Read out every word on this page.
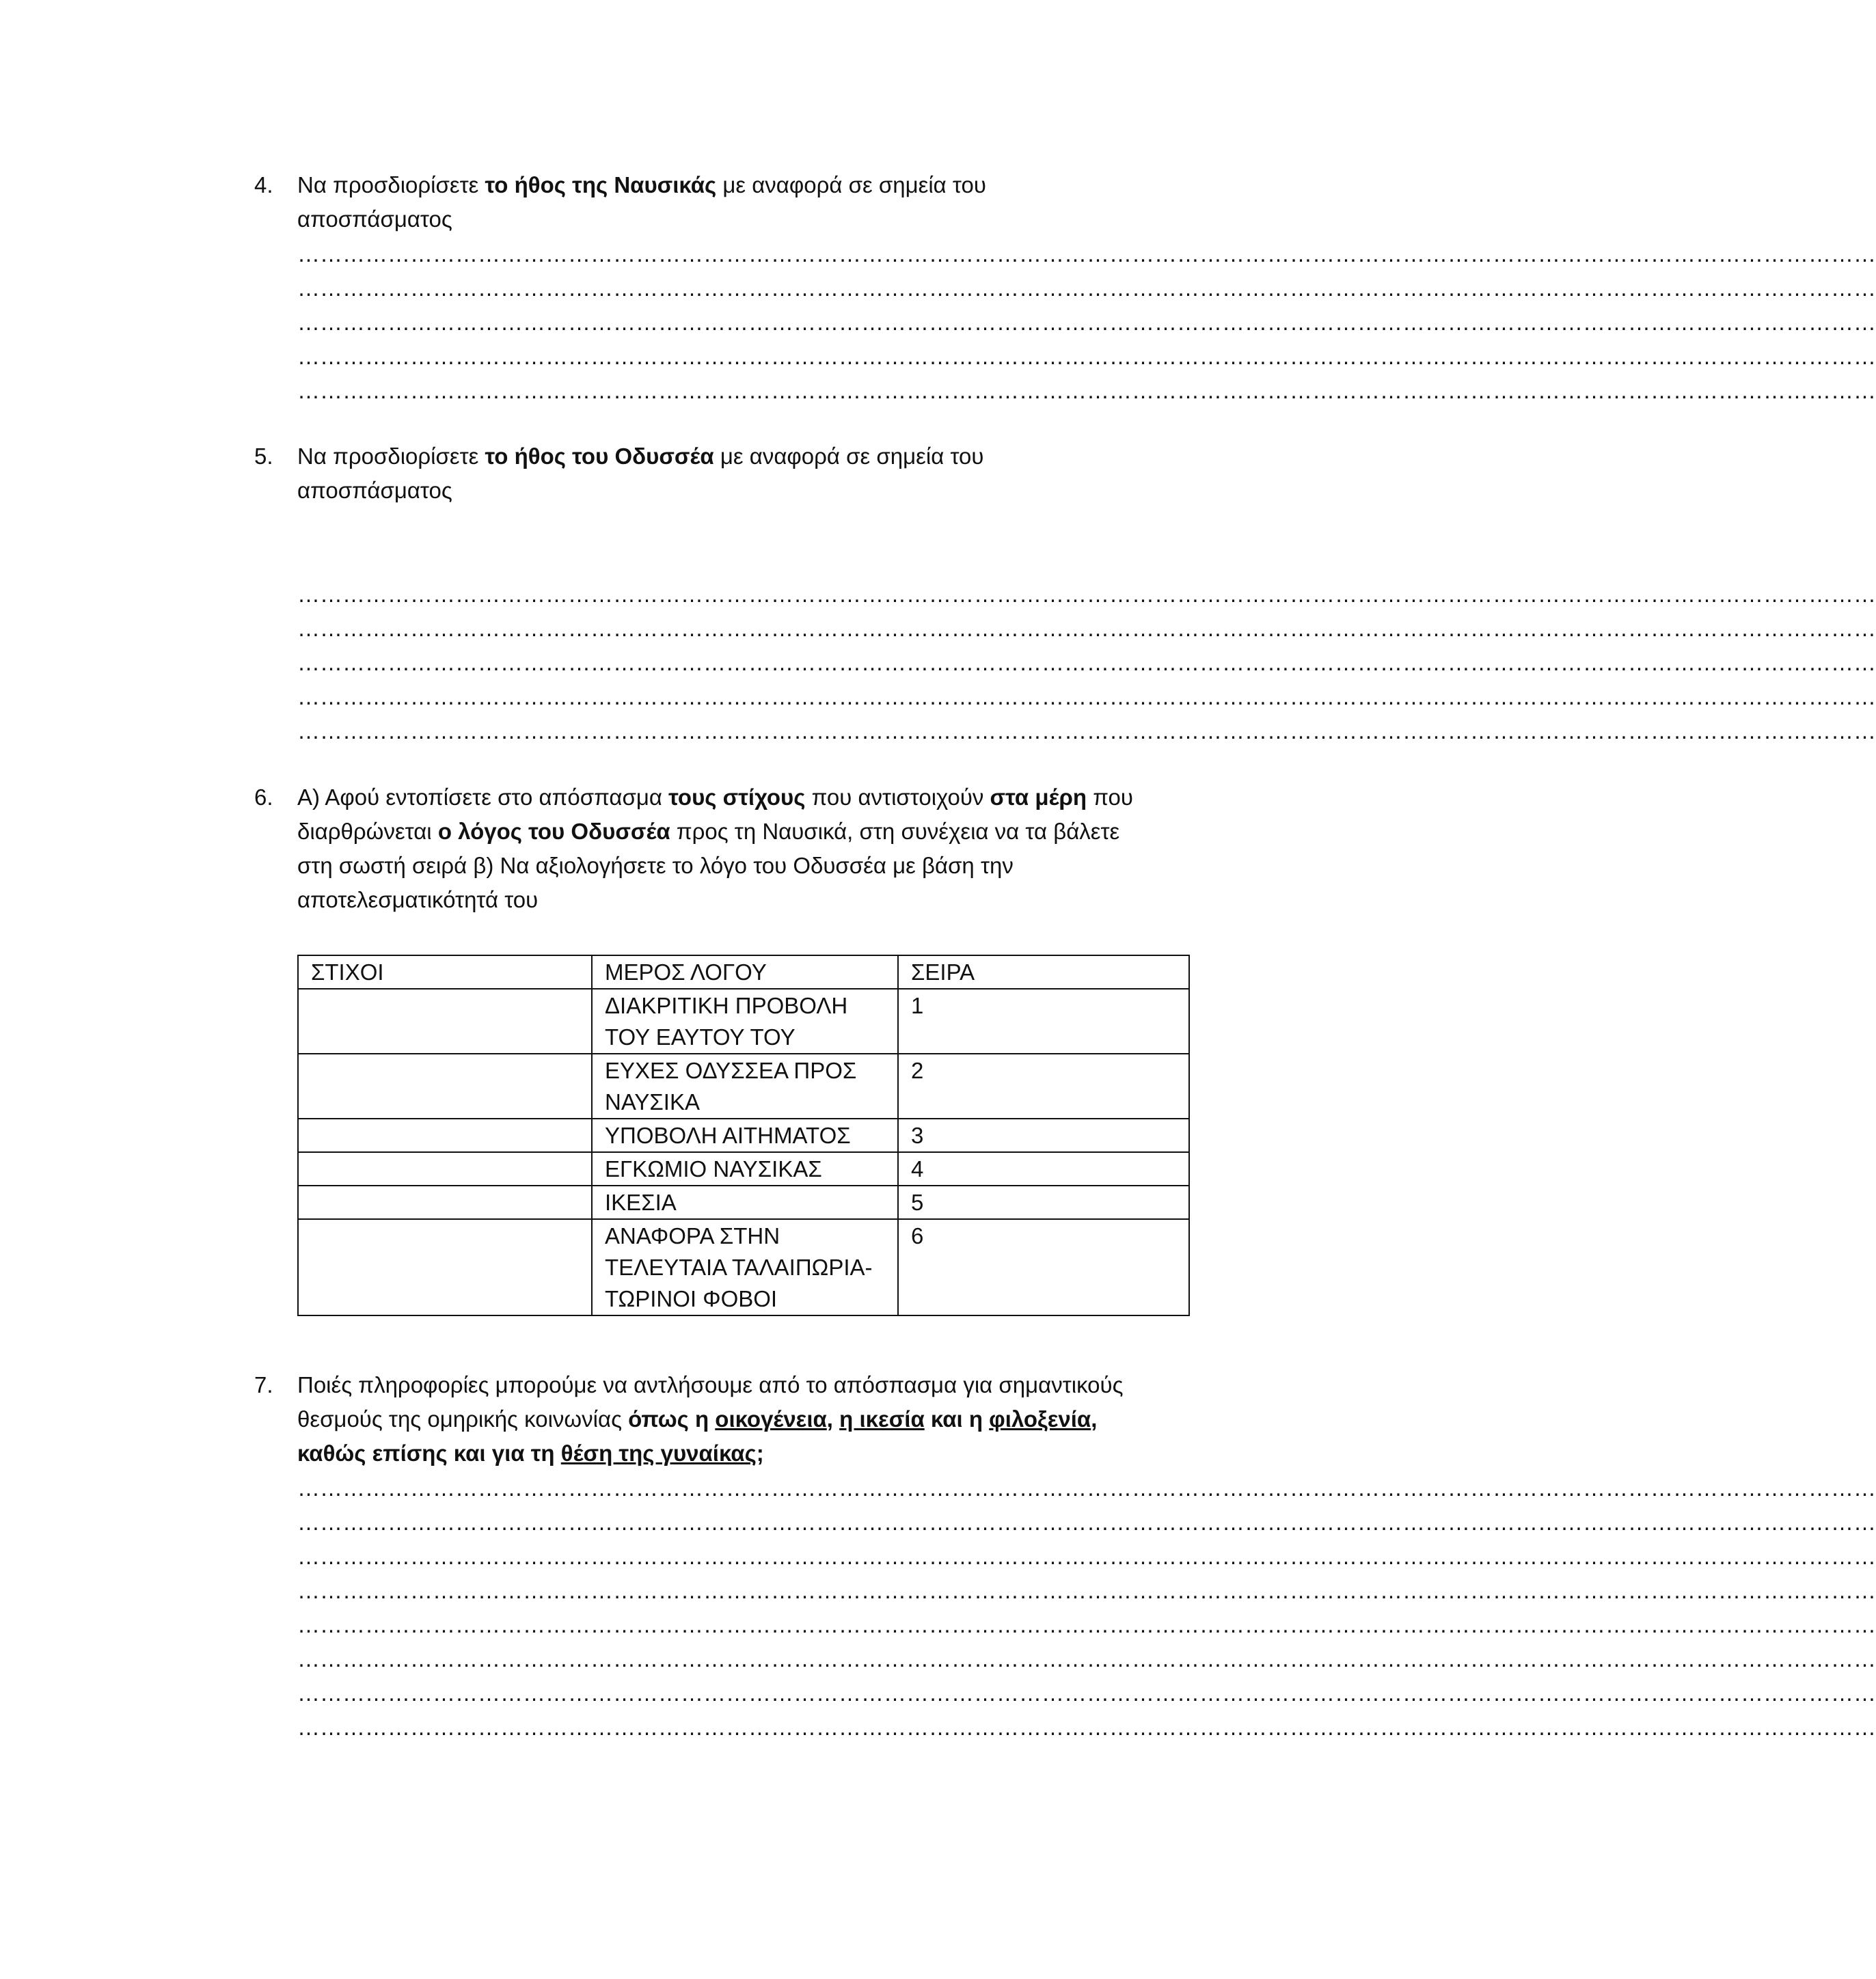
4. Να προσδιορίσετε το ήθος της Ναυσικάς με αναφορά σε σημεία του
αποσπάσματος
…………………………………………………………………………………………………………………………………………………………………………………………
…………………………………………………………………………………………………………………………………………………………………………………………
…………………………………………………………………………………………………………………………………………………………………………………………
…………………………………………………………………………………………………………………………………………………………………………………………
…………………………………………………………………………………………………………………………………………………………………………………………
5. Να προσδιορίσετε το ήθος του Οδυσσέα με αναφορά σε σημεία του
αποσπάσματος
…………………………………………………………………………………………………………………………………………………………………………………………
…………………………………………………………………………………………………………………………………………………………………………………………
…………………………………………………………………………………………………………………………………………………………………………………………
…………………………………………………………………………………………………………………………………………………………………………………………
…………………………………………………………………………………………………………………………………………………………………………………………
6. Α) Αφού εντοπίσετε στο απόσπασμα τους στίχους που αντιστοιχούν στα μέρη που
διαρθρώνεται ο λόγος του Οδυσσέα προς τη Ναυσικά, στη συνέχεια να τα βάλετε
στη σωστή σειρά β) Να αξιολογήσετε το λόγο του Οδυσσέα με βάση την
αποτελεσματικότητά του
ΣΤΙΧΟΙ	ΜΕΡΟΣ ΛΟΓΟΥ	ΣΕΙΡΑ
	ΔΙΑΚΡΙΤΙΚΗ ΠΡΟΒΟΛΗ
ΤΟΥ ΕΑΥΤΟΥ ΤΟΥ	1
	ΕΥΧΕΣ ΟΔΥΣΣΕΑ ΠΡΟΣ
ΝΑΥΣΙΚΑ	2
	ΥΠΟΒΟΛΗ ΑΙΤΗΜΑΤΟΣ	3
	ΕΓΚΩΜΙΟ ΝΑΥΣΙΚΑΣ	4
	ΙΚΕΣΙΑ	5
	ΑΝΑΦΟΡΑ ΣΤΗΝ
ΤΕΛΕΥΤΑΙΑ ΤΑΛΑΙΠΩΡΙΑ-
ΤΩΡΙΝΟΙ ΦΟΒΟΙ	6
7. Ποιές πληροφορίες μπορούμε να αντλήσουμε από το απόσπασμα για σημαντικούς
θεσμούς της ομηρικής κοινωνίας όπως η οικογένεια, η ικεσία και η φιλοξενία,
καθώς επίσης και για τη θέση της γυναίκας;
…………………………………………………………………………………………………………………………………………………………………………………………
…………………………………………………………………………………………………………………………………………………………………………………………
…………………………………………………………………………………………………………………………………………………………………………………………
…………………………………………………………………………………………………………………………………………………………………………………………
…………………………………………………………………………………………………………………………………………………………………………………………
…………………………………………………………………………………………………………………………………………………………………………………………
…………………………………………………………………………………………………………………………………………………………………………………………
…………………………………………………………………………………………………………………………………………………………………………………………
